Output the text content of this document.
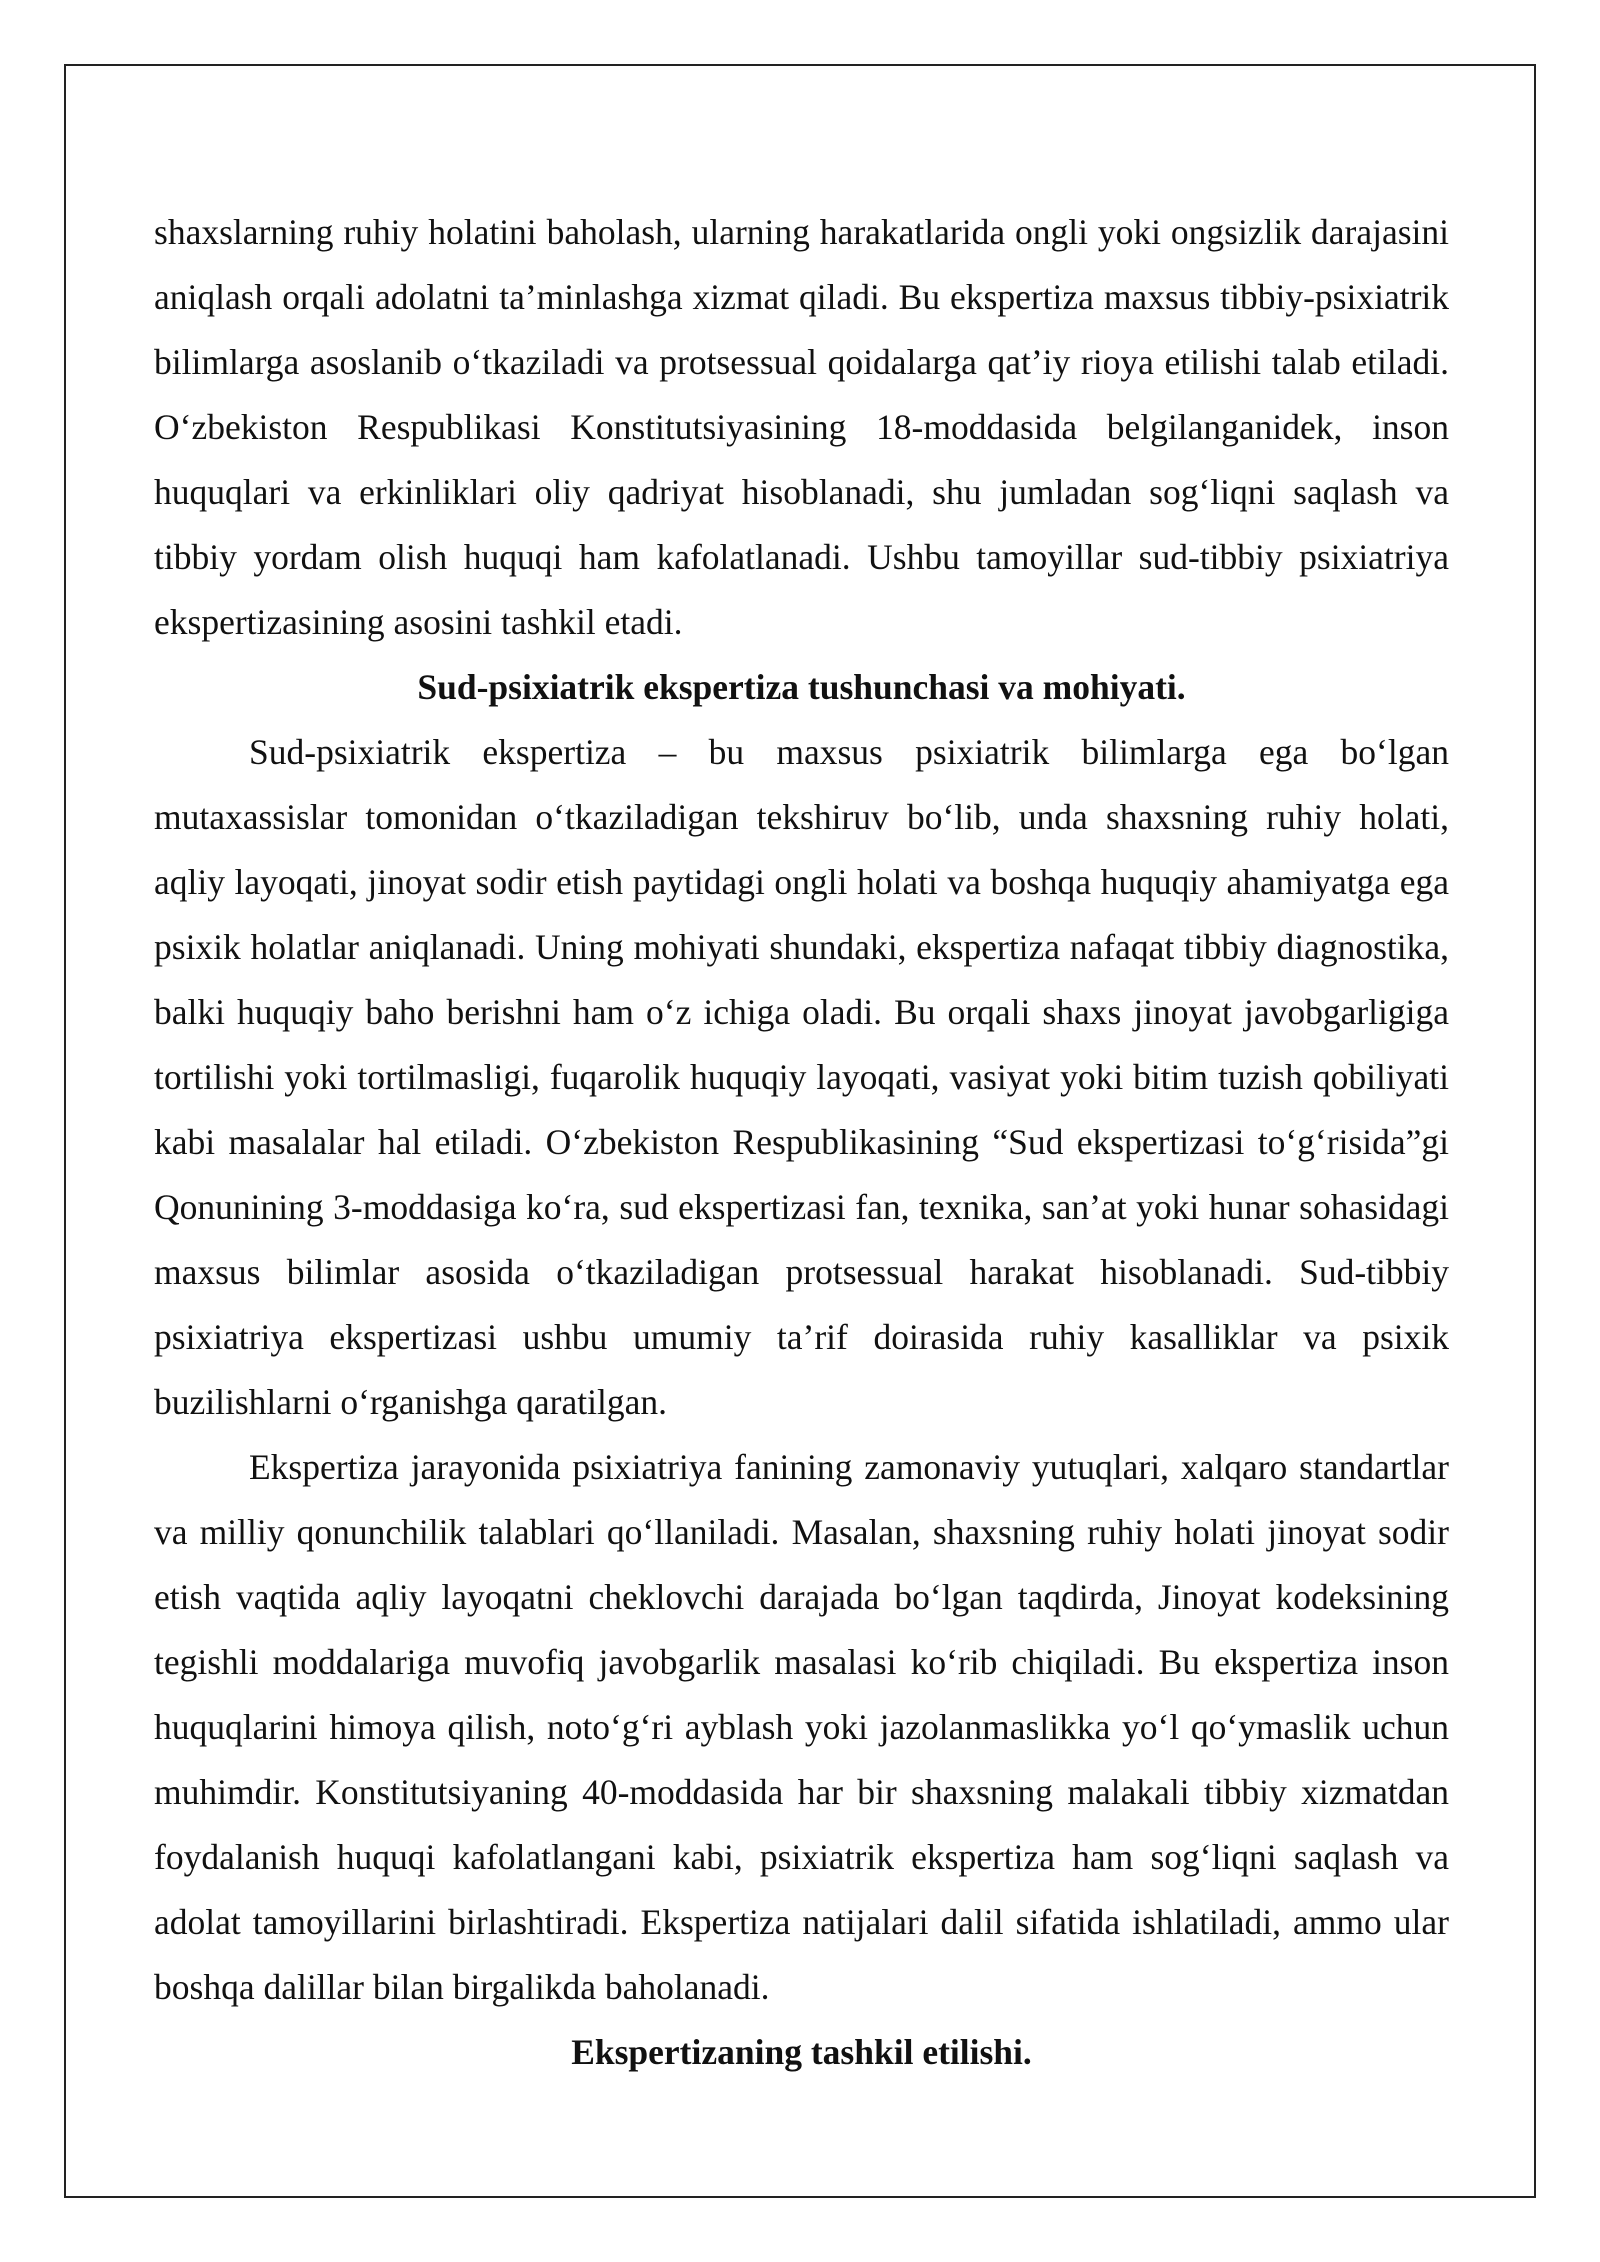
shaxslarning ruhiy holatini baholash, ularning harakatlarida ongli yoki ongsizlik darajasini aniqlash orqali adolatni ta’minlashga xizmat qiladi. Bu ekspertiza maxsus tibbiy-psixiatrik bilimlarga asoslanib o‘tkaziladi va protsessual qoidalarga qat’iy rioya etilishi talab etiladi. O‘zbekiston Respublikasi Konstitutsiyasining 18-moddasida belgilanganidek, inson huquqlari va erkinliklari oliy qadriyat hisoblanadi, shu jumladan sog‘liqni saqlash va tibbiy yordam olish huquqi ham kafolatlanadi. Ushbu tamoyillar sud-tibbiy psixiatriya ekspertizasining asosini tashkil etadi.

Sud-psixiatrik ekspertiza tushunchasi va mohiyati.

Sud-psixiatrik ekspertiza – bu maxsus psixiatrik bilimlarga ega bo‘lgan mutaxassislar tomonidan o‘tkaziladigan tekshiruv bo‘lib, unda shaxsning ruhiy holati, aqliy layoqati, jinoyat sodir etish paytidagi ongli holati va boshqa huquqiy ahamiyatga ega psixik holatlar aniqlanadi. Uning mohiyati shundaki, ekspertiza nafaqat tibbiy diagnostika, balki huquqiy baho berishni ham o‘z ichiga oladi. Bu orqali shaxs jinoyat javobgarligiga tortilishi yoki tortilmasligi, fuqarolik huquqiy layoqati, vasiyat yoki bitim tuzish qobiliyati kabi masalalar hal etiladi. O‘zbekiston Respublikasining “Sud ekspertizasi to‘g‘risida”gi Qonunining 3-moddasiga ko‘ra, sud ekspertizasi fan, texnika, san’at yoki hunar sohasidagi maxsus bilimlar asosida o‘tkaziladigan protsessual harakat hisoblanadi. Sud-tibbiy psixiatriya ekspertizasi ushbu umumiy ta’rif doirasida ruhiy kasalliklar va psixik buzilishlarni o‘rganishga qaratilgan.

Ekspertiza jarayonida psixiatriya fanining zamonaviy yutuqlari, xalqaro standartlar va milliy qonunchilik talablari qo‘llaniladi. Masalan, shaxsning ruhiy holati jinoyat sodir etish vaqtida aqliy layoqatni cheklovchi darajada bo‘lgan taqdirda, Jinoyat kodeksining tegishli moddalariga muvofiq javobgarlik masalasi ko‘rib chiqiladi. Bu ekspertiza inson huquqlarini himoya qilish, noto‘g‘ri ayblash yoki jazolanmaslikka yo‘l qo‘ymaslik uchun muhimdir. Konstitutsiyaning 40-moddasida har bir shaxsning malakali tibbiy xizmatdan foydalanish huquqi kafolatlangani kabi, psixiatrik ekspertiza ham sog‘liqni saqlash va adolat tamoyillarini birlashtiradi. Ekspertiza natijalari dalil sifatida ishlatiladi, ammo ular boshqa dalillar bilan birgalikda baholanadi.

Ekspertizaning tashkil etilishi.
